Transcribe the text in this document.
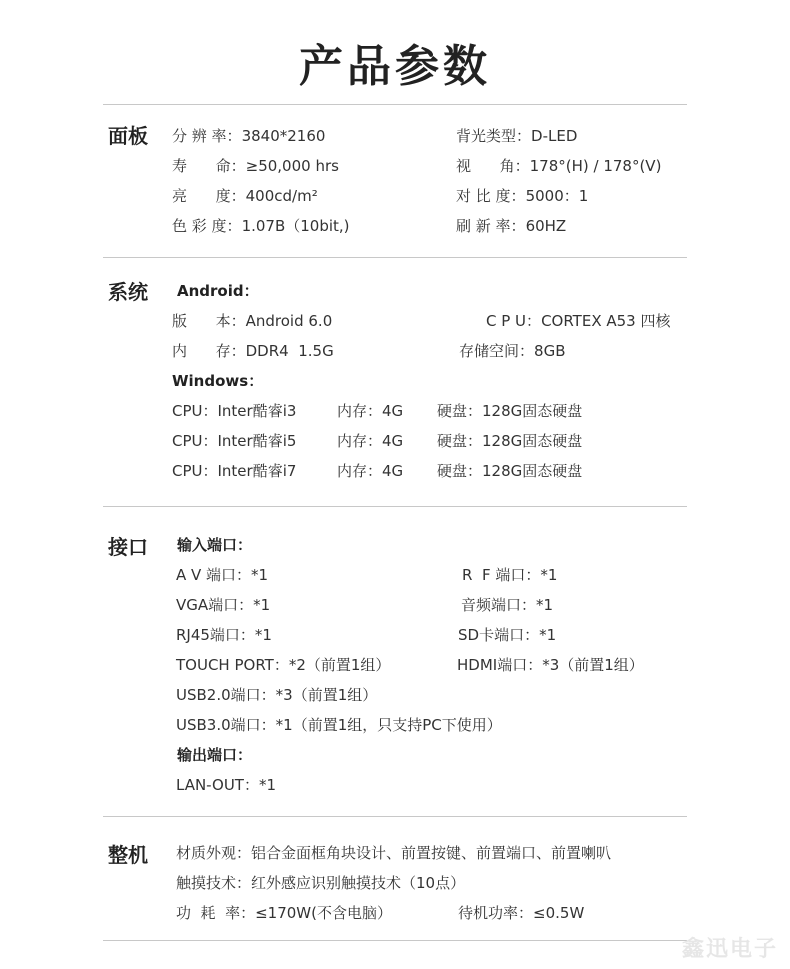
产品参数
面板 分 辨 率：3840*2160	背光类型：D-LED
寿      命：≥50,000 hrs	视      角：178°(H) / 178°(V)
亮      度：400cd/m²	对 比 度：5000：1
色 彩 度：1.07B（10bit,)	刷 新 率：60HZ
系统 Android：
版      本：Android 6.0	C P U：CORTEX A53 四核
内      存：DDR4  1.5G	存储空间：8GB
Windows：
CPU：Inter酷睿i3	内存：4G 硬盘：128G固态硬盘
CPU：Inter酷睿i5	内存：4G 硬盘：128G固态硬盘
CPU：Inter酷睿i7	内存：4G 硬盘：128G固态硬盘
接口 输入端口：
A V 端口：*1	R  F 端口：*1
VGA端口：*1	音频端口：*1
RJ45端口：*1	SD卡端口：*1
TOUCH PORT：*2（前置1组）	HDMI端口：*3（前置1组）
USB2.0端口：*3（前置1组）
USB3.0端口：*1（前置1组，只支持PC下使用）
输出端口：
LAN-OUT：*1
整机 材质外观：铝合金面框角块设计、前置按键、前置端口、前置喇叭
触摸技术：红外感应识别触摸技术（10点）
功  耗  率：≤170W(不含电脑）	待机功率：≤0.5W
鑫迅电子
